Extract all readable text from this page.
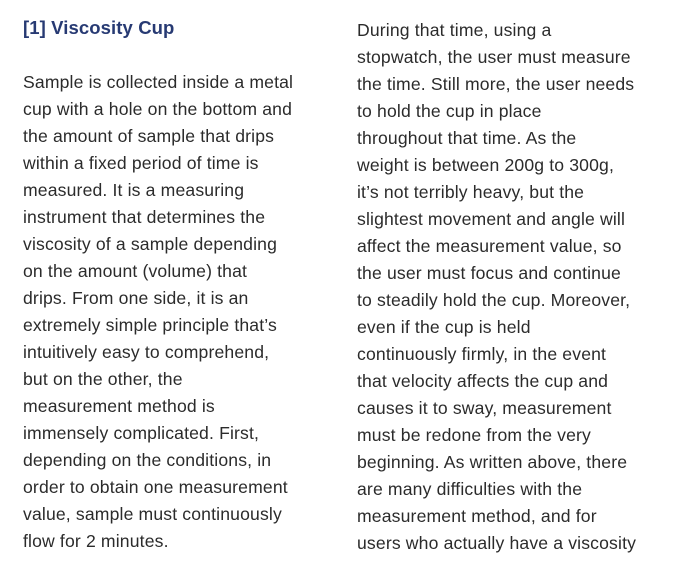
[1] Viscosity Cup
Sample is collected inside a metal
cup with a hole on the bottom and
the amount of sample that drips
within a fixed period of time is
measured. It is a measuring
instrument that determines the
viscosity of a sample depending
on the amount (volume) that
drips. From one side, it is an
extremely simple principle that’s
intuitively easy to comprehend,
but on the other, the
measurement method is
immensely complicated. First,
depending on the conditions, in
order to obtain one measurement
value, sample must continuously
flow for 2 minutes.
During that time, using a
stopwatch, the user must measure
the time. Still more, the user needs
to hold the cup in place
throughout that time. As the
weight is between 200g to 300g,
it’s not terribly heavy, but the
slightest movement and angle will
affect the measurement value, so
the user must focus and continue
to steadily hold the cup. Moreover,
even if the cup is held
continuously firmly, in the event
that velocity affects the cup and
causes it to sway, measurement
must be redone from the very
beginning. As written above, there
are many difficulties with the
measurement method, and for
users who actually have a viscosity
